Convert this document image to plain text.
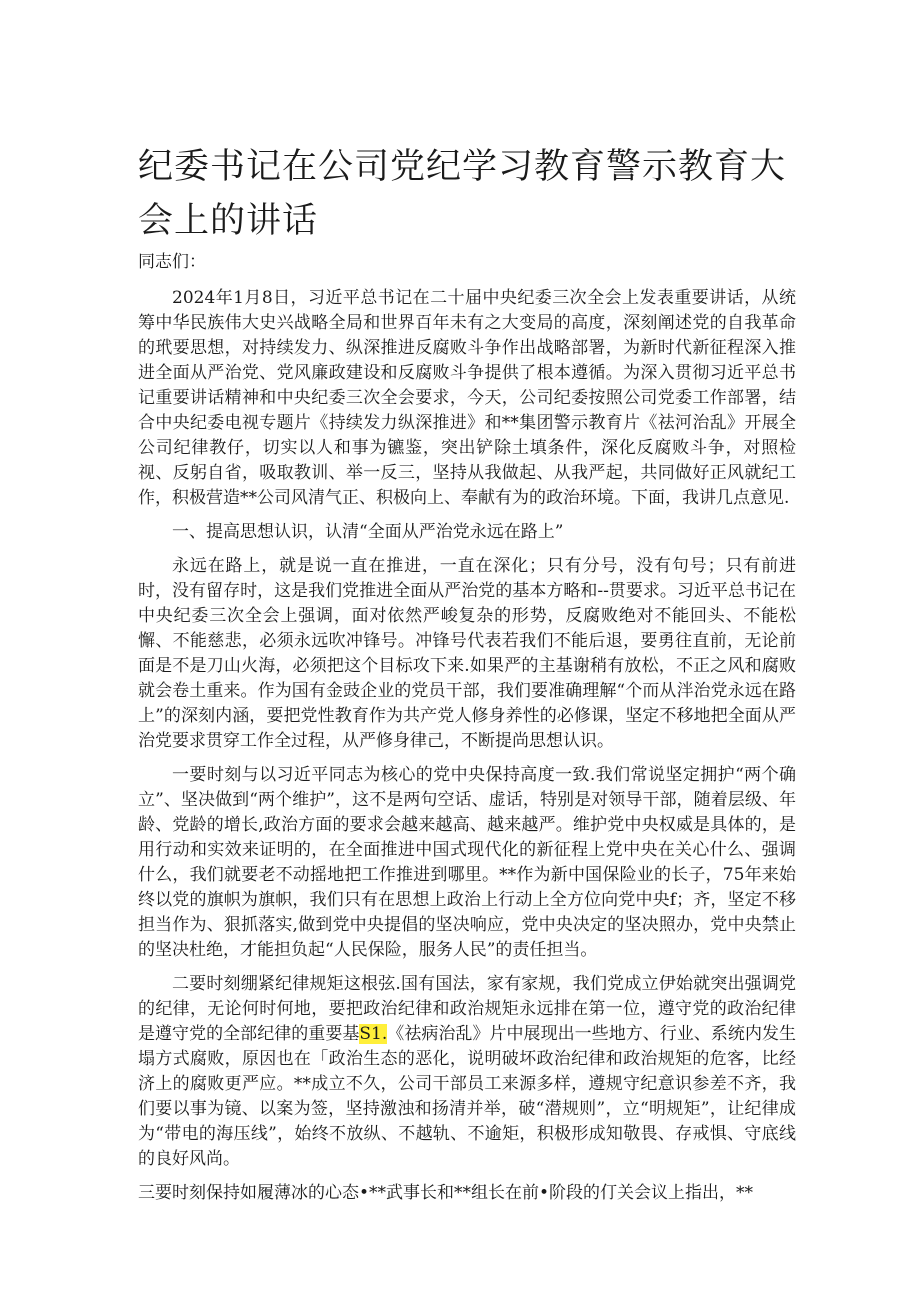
纪委书记在公司党纪学习教育警示教育大会上的讲话

同志们：

2024年1月8日，习近平总书记在二十届中央纪委三次全会上发表重要讲话，从统筹中华民族伟大史兴战略全局和世界百年未有之大变局的高度，深刻阐述党的自我革命的玳要思想，对持续发力、纵深推进反腐败斗争作出战略部署，为新时代新征程深入推进全面从严治党、党风廉政建设和反腐败斗争提供了根本遵循。为深入贯彻习近平总书记重要讲话精神和中央纪委三次全会要求，今天，公司纪委按照公司党委工作部署，结合中央纪委电视专题片《持续发力纵深推进》和**集团警示教育片《祛河治乱》开展全公司纪律教仔，切实以人和事为镳鉴，突出铲除土填条件，深化反腐败斗争，对照检视、反躬自省，吸取教训、举一反三，坚持从我做起、从我严起，共同做好正风就纪工作，积极营造**公司风清气正、积极向上、奉献有为的政治环境。下面，我讲几点意见.

一、提高思想认识，认清“全面从严治党永远在路上”

永远在路上，就是说一直在推进，一直在深化；只有分号，没有句号；只有前进时，没有留存时，这是我们党推进全面从严治党的基本方略和--贯要求。习近平总书记在中央纪委三次全会上强调，面对依然严峻复杂的形势，反腐败绝对不能回头、不能松懈、不能慈悲，必须永远吹冲锋号。冲锋号代表若我们不能后退，要勇往直前，无论前面是不是刀山火海，必须把这个目标攻下来.如果严的主基谢稍有放松，不正之风和腐败就会卷土重来。作为国有金豉企业的党员干部，我们要准确理解“个而从泮治党永远在路上”的深刻内涵，要把党性教育作为共产党人修身养性的必修课，坚定不移地把全面从严治党要求贯穿工作全过程，从严修身律己，不断提尚思想认识。

一要时刻与以习近平同志为核心的党中央保持高度一致.我们常说坚定拥护“两个确立”、坚决做到“两个维护”，这不是两句空话、虚话，特别是对领导干部，随着层级、年龄、党龄的增长,政治方面的要求会越来越高、越来越严。维护党中央权威是具体的，是用行动和实效来证明的，在全面推进中国式现代化的新征程上党中央在关心什么、强调什么，我们就要老不动摇地把工作推进到哪里。**作为新中国保险业的长子，75年来始终以党的旗帜为旗帜，我们只有在思想上政治上行动上全方位向党中央f；齐，坚定不移担当作为、狠抓落实,做到党中央提倡的坚决响应，党中央决定的坚决照办，党中央禁止的坚决杜绝，才能担负起“人民保险，服务人民”的责任担当。

二要时刻绷紧纪律规矩这根弦.国有国法，家有家规，我们党成立伊始就突出强调党的纪律，无论何时何地，要把政治纪律和政治规矩永远排在第一位，遵守党的政治纪律是遵守党的全部纪律的重要基S1.《祛病治乱》片中展现出一些地方、行业、系统内发生塌方式腐败，原因也在「政治生态的恶化，说明破坏政治纪律和政治规矩的危客，比经济上的腐败更严应。**成立不久，公司干部员工来源多样，遵规守纪意识参差不齐，我们要以事为镜、以案为签，坚持激浊和扬清并举，破“潜规则”，立“明规矩”，让纪律成为“带电的海压线”，始终不放纵、不越轨、不逾矩，积极形成知敬畏、存戒惧、守底线的良好风尚。

三要时刻保持如履薄冰的心态•**武事长和**组长在前•阶段的仃关会议上指出，**
